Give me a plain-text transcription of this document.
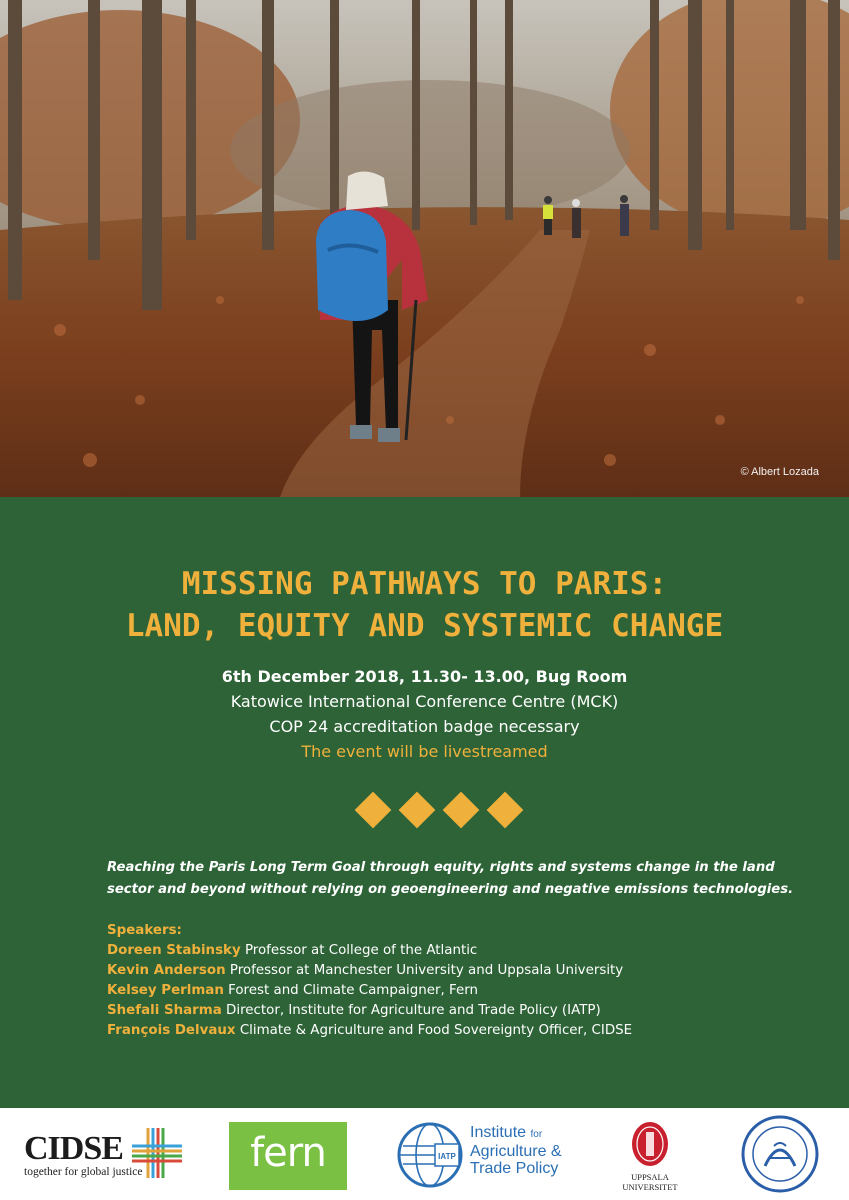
© Albert Lozada
MISSING PATHWAYS TO PARIS:
LAND, EQUITY AND SYSTEMIC CHANGE
6th December 2018, 11.30- 13.00, Bug Room
Katowice International Conference Centre (MCK)
COP 24 accreditation badge necessary
The event will be livestreamed
Reaching the Paris Long Term Goal through equity, rights and systems change in the land sector and beyond without relying on geoengineering and negative emissions technologies.
Speakers:
Doreen Stabinsky Professor at College of the Atlantic
Kevin Anderson Professor at Manchester University and Uppsala University
Kelsey Perlman Forest and Climate Campaigner, Fern
Shefali Sharma Director, Institute for Agriculture and Trade Policy (IATP)
François Delvaux Climate & Agriculture and Food Sovereignty Officer, CIDSE
CIDSE
together for global justice	fern	IATP
Institute for
Agriculture &
Trade Policy	UPPSALA
UNIVERSITET
